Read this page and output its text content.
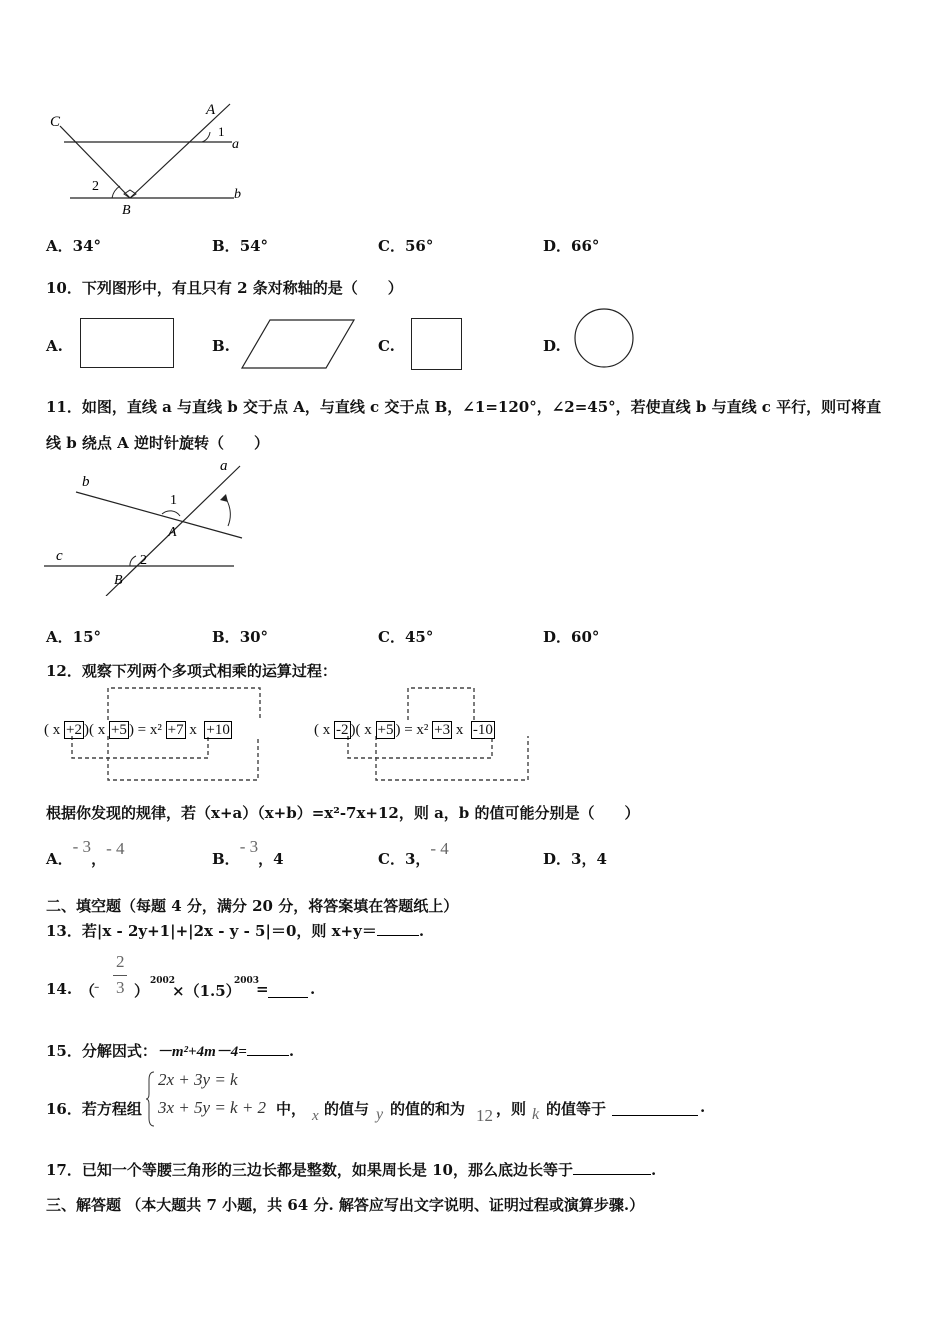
C
A
1
a
2
B
b
A．34°	B．54°	C．56°	D．66°
10．下列图形中，有且只有 2 条对称轴的是（　　）
A.	B.	C.	D.
11．如图，直线 a 与直线 b 交于点 A，与直线 c 交于点 B，∠1=120°，∠2=45°，若使直线 b 与直线 c 平行，则可将直
线 b 绕点 A 逆时针旋转（　　）
a
b
1
A
c	2
B
A．15°	B．30°	C．45°	D．60°
12．观察下列两个多项式相乘的运算过程：
( x +2 )( x +5 ) = x² +7 x +10	( x -2 )( x +5 ) = x² +3 x -10
根据你发现的规律，若（x+a）（x+b）=x²-7x+12，则 a，b 的值可能分别是（　　）
A．- 3，- 4
B．- 3，4	C．3，- 4
D．3，4
二、填空题（每题 4 分，满分 20 分，将答案填在答题纸上）
13．若|x - 2y+1|+|2x - y - 5|＝0，则 x+y＝	.
14. （
-
2
3 ）
2002
×（1.5）
2003
=	.
15．分解因式：－m²+4m－4=	.
16．若方程组
2x + 3y = k
3x + 5y = k + 2 中， x 的值与 y 的值的和为 12 ，则 k 的值等于	.
17．已知一个等腰三角形的三边长都是整数，如果周长是 10，那么底边长等于	.
三、解答题 （本大题共 7 小题，共 64 分. 解答应写出文字说明、证明过程或演算步骤.）
